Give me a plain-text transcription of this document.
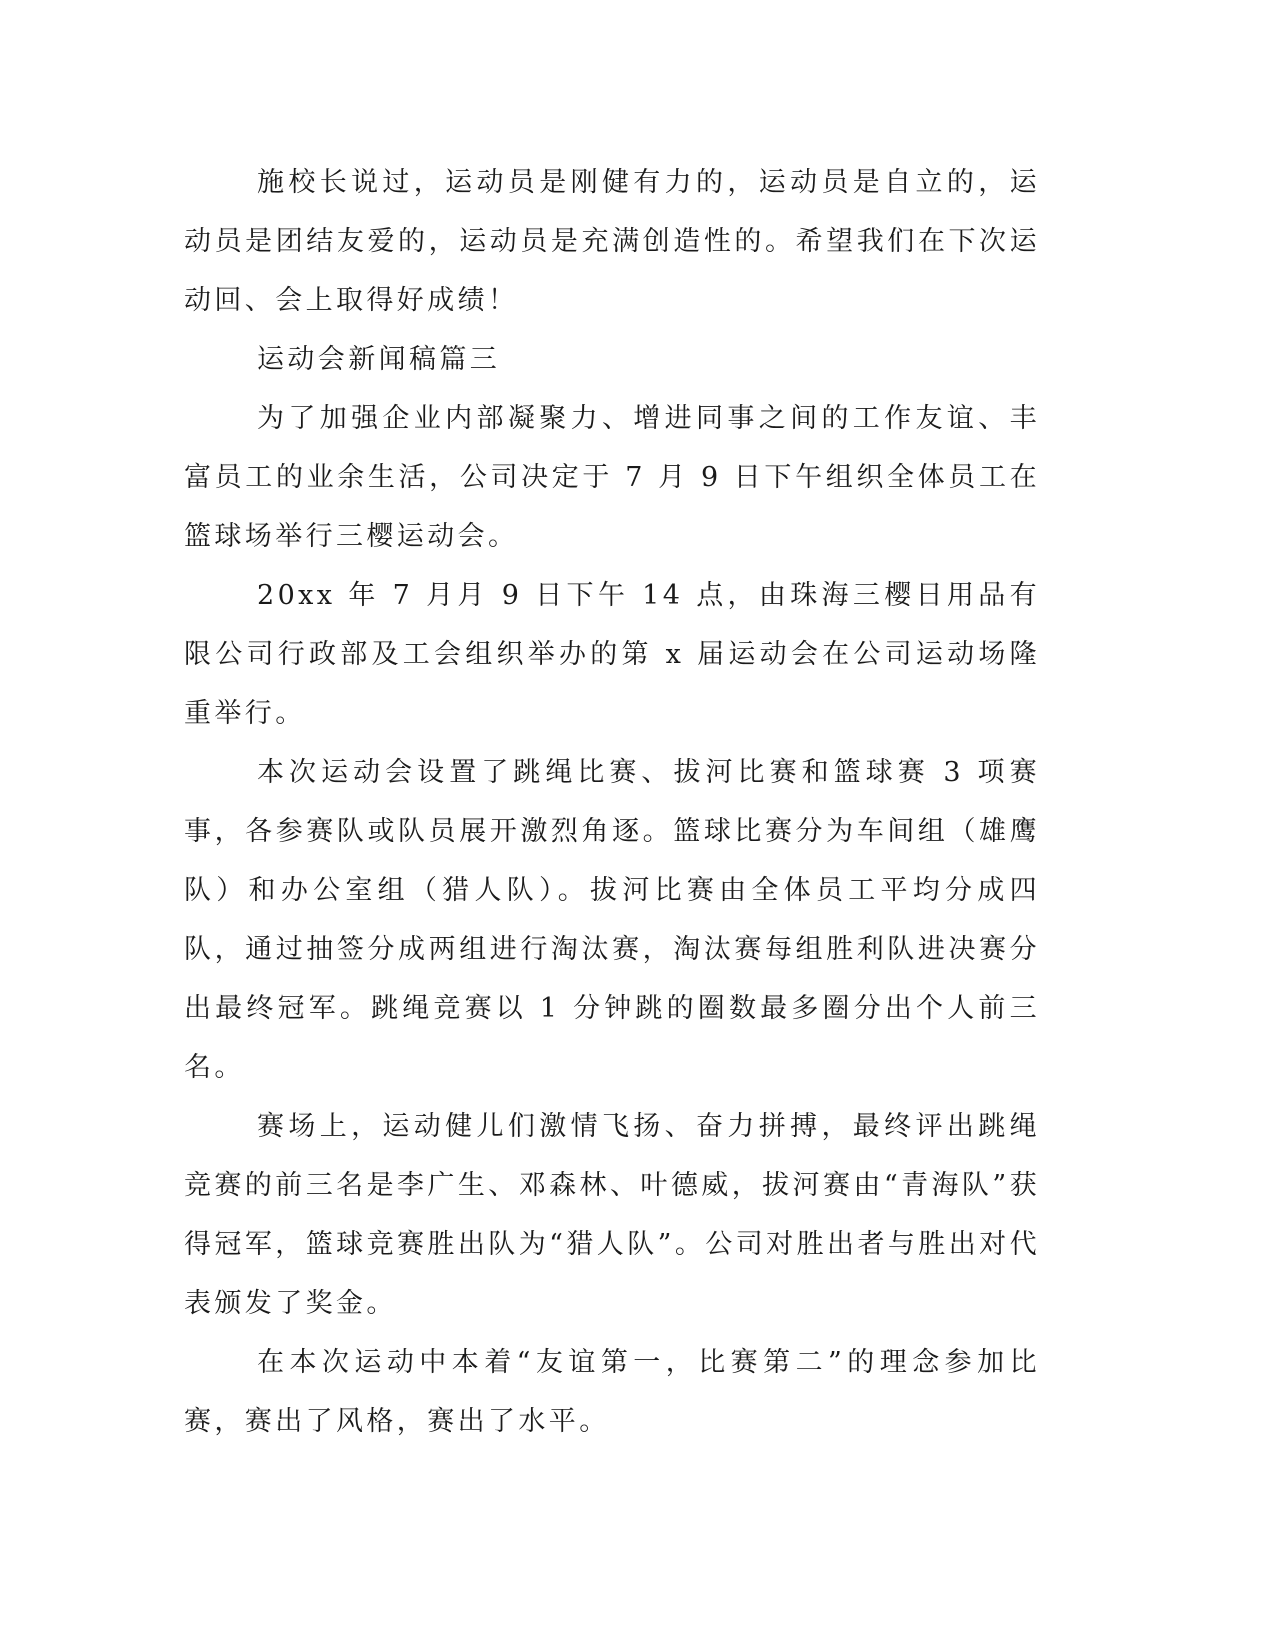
施校长说过，运动员是刚健有力的，运动员是自立的，运动员是团结友爱的，运动员是充满创造性的。希望我们在下次运动回、会上取得好成绩！

运动会新闻稿篇三

为了加强企业内部凝聚力、增进同事之间的工作友谊、丰富员工的业余生活，公司决定于 7 月 9 日下午组织全体员工在篮球场举行三樱运动会。

20xx 年 7 月月 9 日下午 14 点，由珠海三樱日用品有限公司行政部及工会组织举办的第 x 届运动会在公司运动场隆重举行。

本次运动会设置了跳绳比赛、拔河比赛和篮球赛 3 项赛事，各参赛队或队员展开激烈角逐。篮球比赛分为车间组（雄鹰队）和办公室组（猎人队）。拔河比赛由全体员工平均分成四队，通过抽签分成两组进行淘汰赛，淘汰赛每组胜利队进决赛分出最终冠军。跳绳竞赛以 1 分钟跳的圈数最多圈分出个人前三名。

赛场上，运动健儿们激情飞扬、奋力拼搏，最终评出跳绳竞赛的前三名是李广生、邓森林、叶德威，拔河赛由“青海队”获得冠军，篮球竞赛胜出队为“猎人队”。公司对胜出者与胜出对代表颁发了奖金。

在本次运动中本着“友谊第一，比赛第二”的理念参加比赛，赛出了风格，赛出了水平。
